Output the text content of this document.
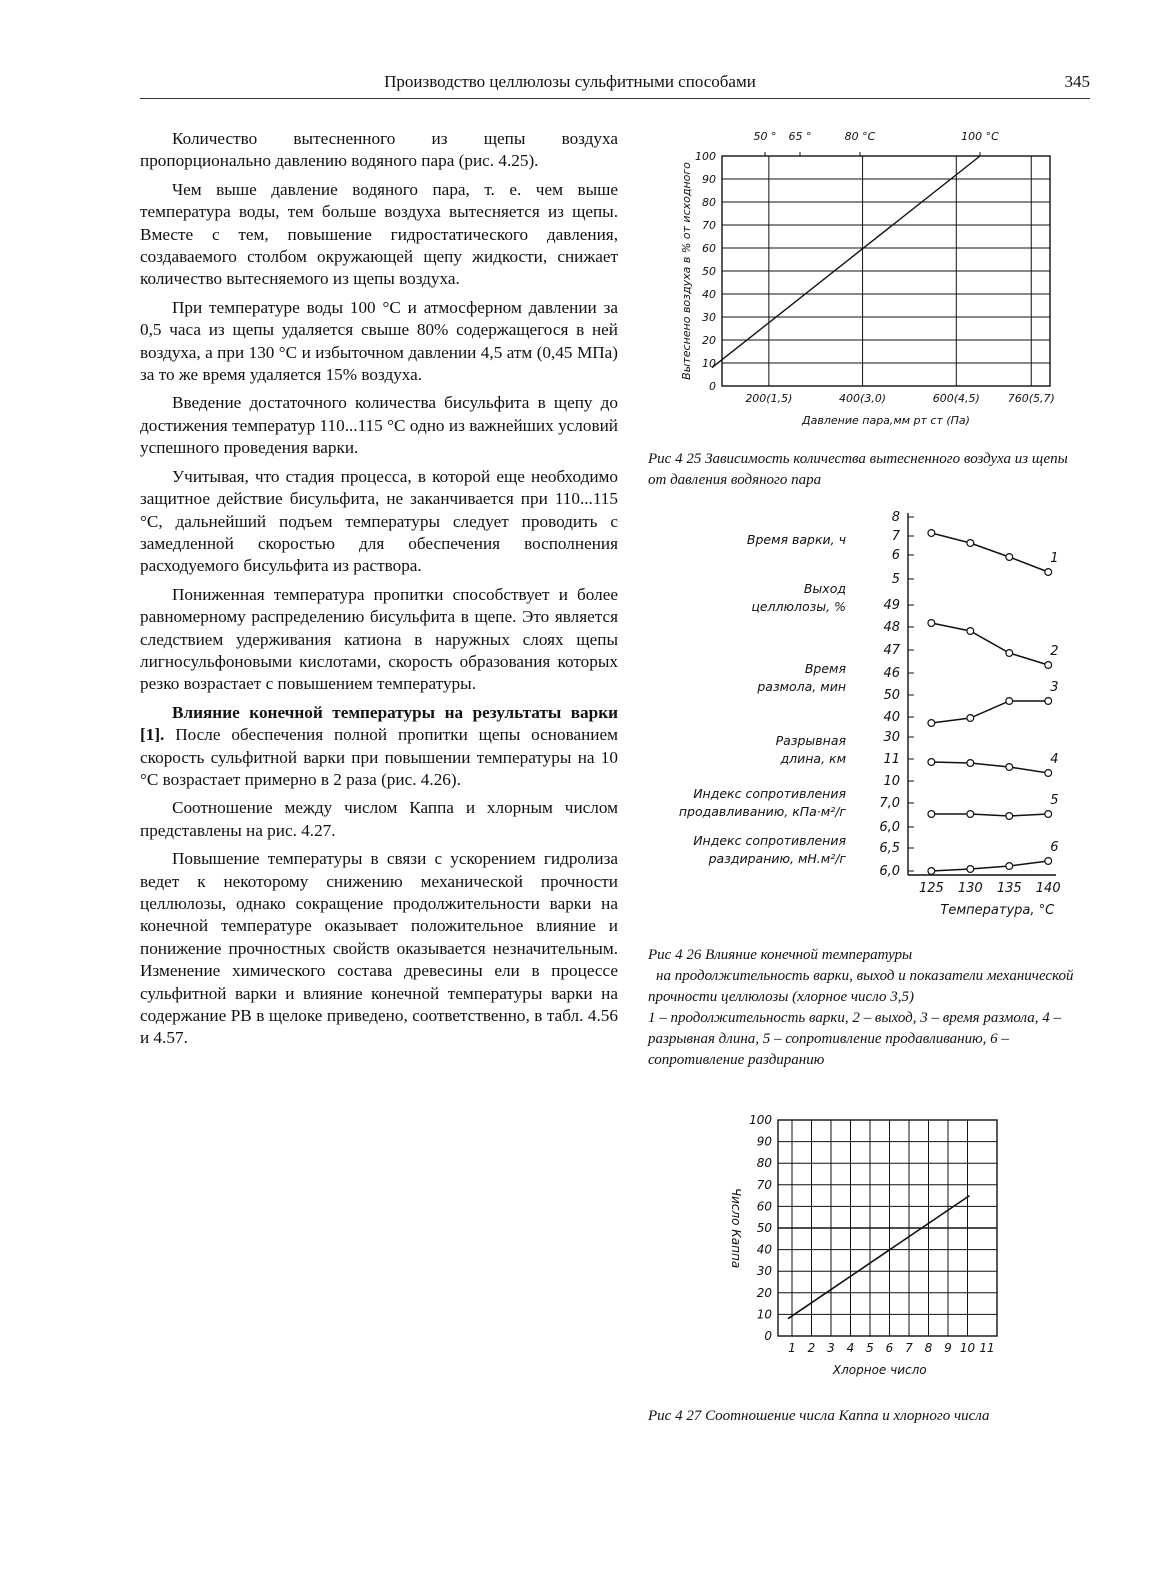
Производство целлюлозы сульфитными способами	345

Количество вытесненного из щепы воздуха пропорционально давлению водяного пара (рис. 4.25).

Чем выше давление водяного пара, т. е. чем выше температура воды, тем больше воздуха вытесняется из щепы. Вместе с тем, повышение гидростатического давления, создаваемого столбом окружающей щепу жидкости, снижает количество вытесняемого из щепы воздуха.

При температуре воды 100 °С и атмосферном давлении за 0,5 часа из щепы удаляется свыше 80% содержащегося в ней воздуха, а при 130 °С и избыточном давлении 4,5 атм (0,45 МПа) за то же время удаляется 15% воздуха.

Введение достаточного количества бисульфита в щепу до достижения температур 110...115 °С одно из важнейших условий успешного проведения варки.

Учитывая, что стадия процесса, в которой еще необходимо защитное действие бисульфита, не заканчивается при 110...115 °С, дальнейший подъем температуры следует проводить с замедленной скоростью для обеспечения восполнения расходуемого бисульфита из раствора.

Пониженная температура пропитки способствует и более равномерному распределению бисульфита в щепе. Это является следствием удерживания катиона в наружных слоях щепы лигносульфоновыми кислотами, скорость образования которых резко возрастает с повышением температуры.

Влияние конечной температуры на результаты варки [1]. После обеспечения полной пропитки щепы основанием скорость сульфитной варки при повышении температуры на 10 °С возрастает примерно в 2 раза (рис. 4.26).

Соотношение между числом Каппа и хлорным числом представлены на рис. 4.27.

Повышение температуры в связи с ускорением гидролиза ведет к некоторому снижению механической прочности целлюлозы, однако сокращение продолжительности варки на конечной температуре оказывает положительное влияние и понижение прочностных свойств оказывается незначительным. Изменение химического состава древесины ели в процессе сульфитной варки и влияние конечной температуры варки на содержание РВ в щелоке приведено, соответственно, в табл. 4.56 и 4.57.

0
10
20
30
40
50
60
70
80
90
100
200(1,5)	400(3,0)	600(4,5)	760(5,7)
Давление пара,мм рт ст (Па)
Вытеснено воздуха в % от исходного
50 ° 65 °	80 °С	100 °С
Рис 4 25 Зависимость количества вытесненного воздуха из щепы от давления водяного пара
8
7
6
5
Время варки, ч
1
49
48
47
Выход
целлюлозы, %
2
46
50
40
30
Время
размола, мин	3
11
10
Разрывная
длина, км	4
7,0
6,0
Индекс сопротивления
продавливанию, кПа·м²/г
5
6,5
6,0
Индекс сопротивления
раздиранию, мН.м²/г
6
125 130 135 140
Температура, °С
Рис 4 26 Влияние конечной температуры
на продолжительность варки, выход и показатели механической прочности целлюлозы (хлорное число 3,5)
1 – продолжительность варки, 2 – выход, 3 – время размола, 4 – разрывная длина, 5 – сопротивление продавливанию, 6 – сопротивление раздиранию
0
10
20
30
40
50
60
70
80
90
100
1 2 3 4 5 6 7 8 9 10 11
Хлорное число
Число Каппа
Рис 4 27 Соотношение числа Каппа и хлорного числа
